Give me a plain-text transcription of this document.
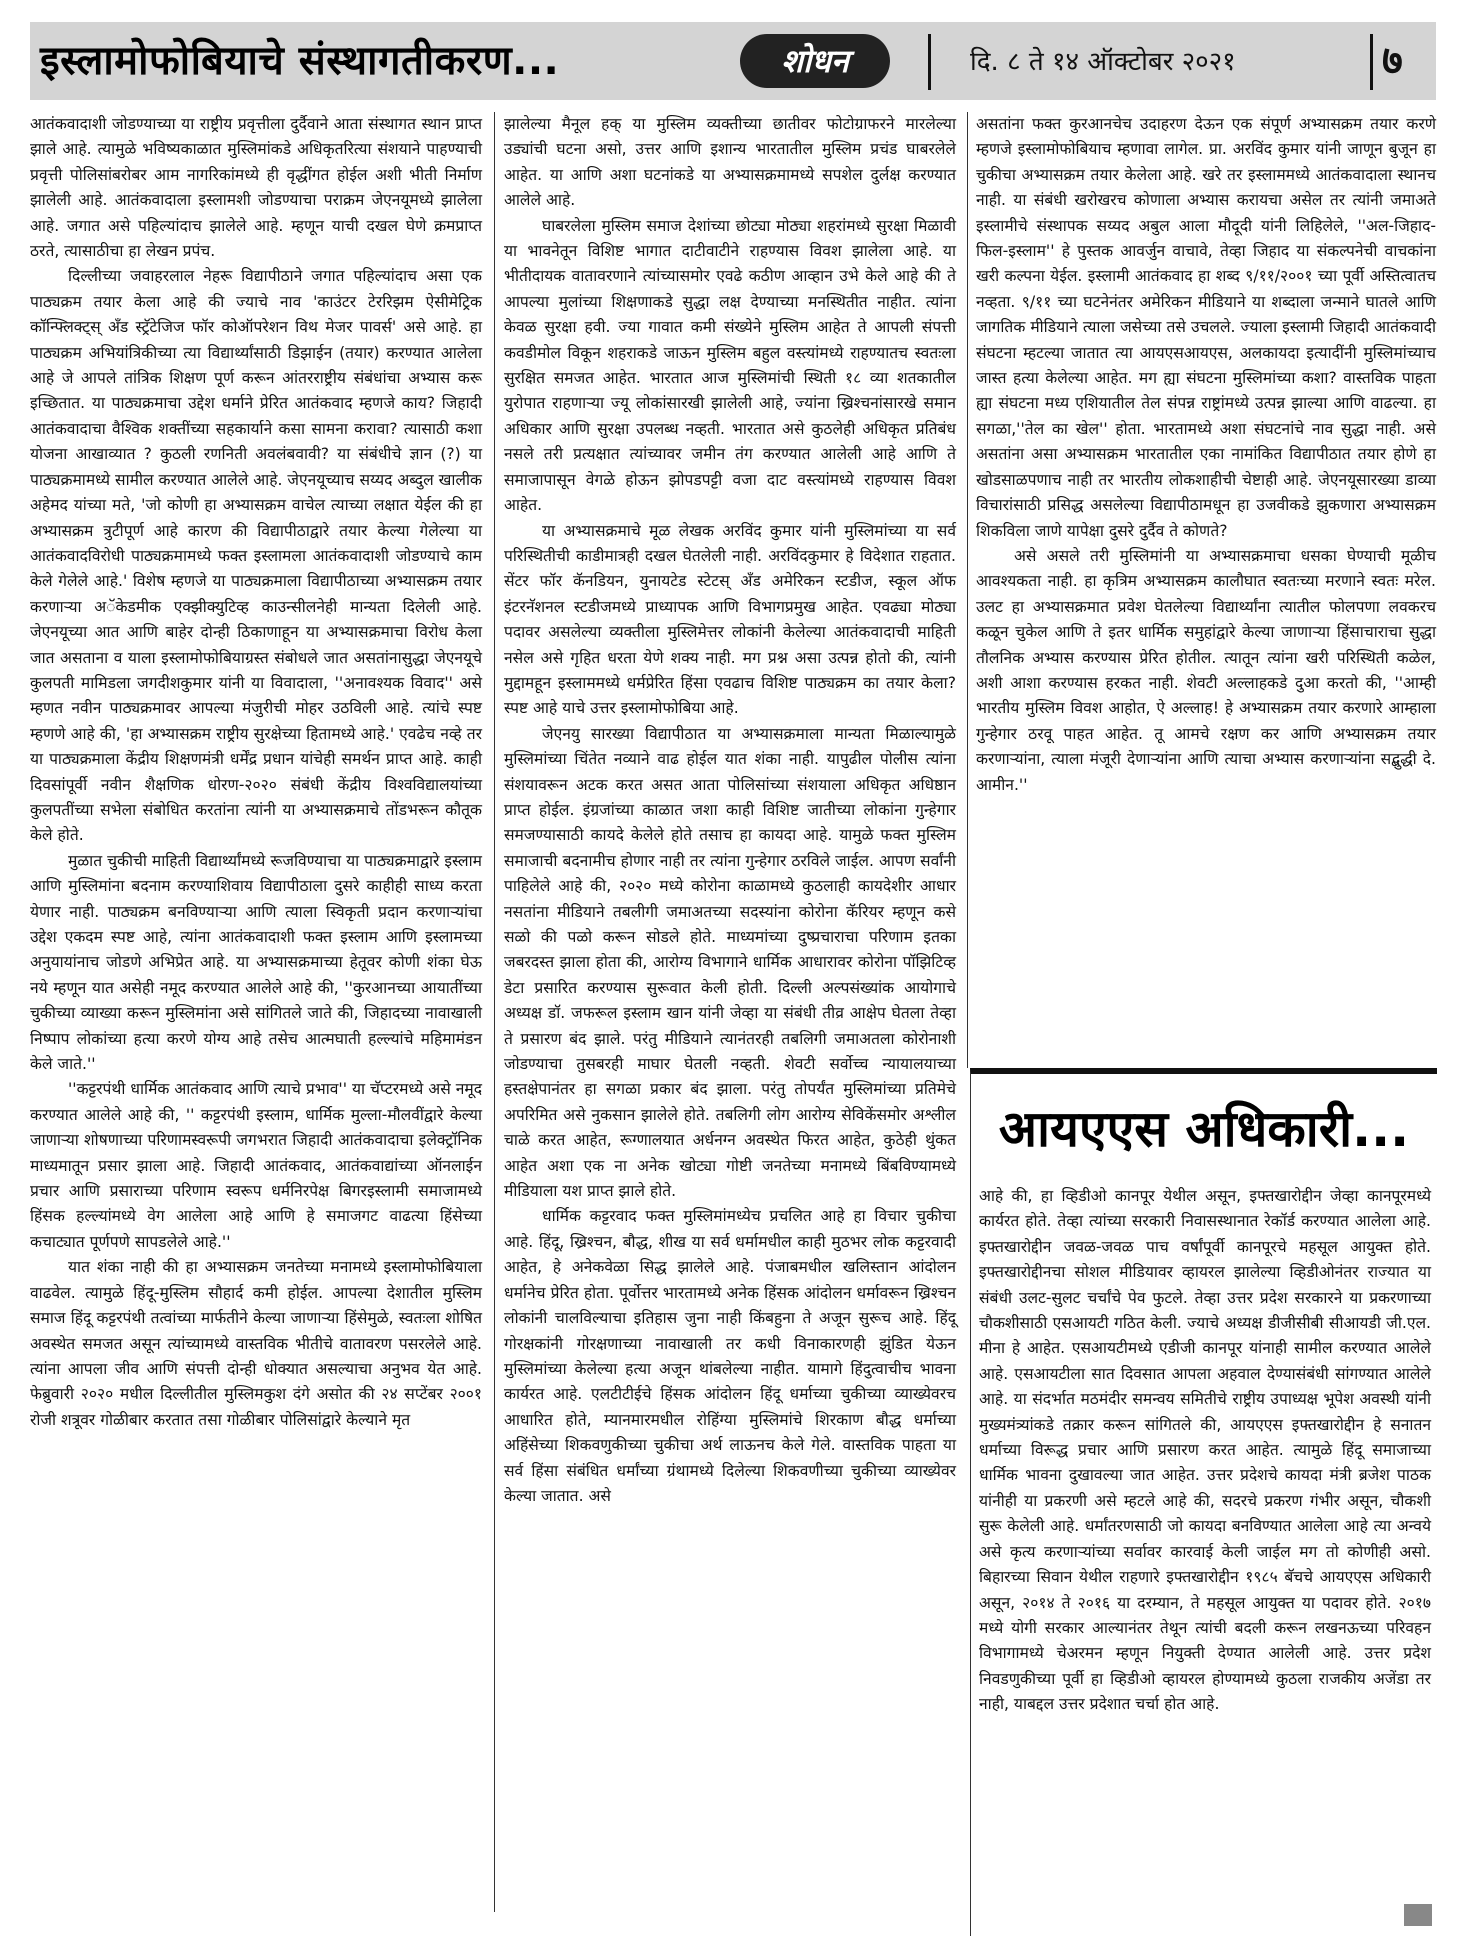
इस्लामोफोबियाचे संस्थागतीकरण...	शोधन	दि. ८ ते १४ ऑक्टोबर २०२१	७

आतंकवादाशी जोडण्याच्या या राष्ट्रीय प्रवृत्तीला दुर्दैवाने आता संस्थागत स्थान प्राप्त झाले आहे. त्यामुळे भविष्यकाळात मुस्लिमांकडे अधिकृतरित्या संशयाने पाहण्याची प्रवृत्ती पोलिसांबरोबर आम नागरिकांमध्ये ही वृद्धींगत होईल अशी भीती निर्माण झालेली आहे. आतंकवादाला इस्लामशी जोडण्याचा पराक्रम जेएनयूमध्ये झालेला आहे. जगात असे पहिल्यांदाच झालेले आहे. म्हणून याची दखल घेणे क्रमप्राप्त ठरते, त्यासाठीचा हा लेखन प्रपंच.

दिल्लीच्या जवाहरलाल नेहरू विद्यापीठाने जगात पहिल्यांदाच असा एक पाठ्यक्रम तयार केला आहे की ज्याचे नाव 'काउंटर टेररिझम ऐसीमेट्रिक कॉन्फ्लिक्ट्स् अँड स्ट्रॅटेजिज फॉर कोऑपरेशन विथ मेजर पावर्स' असे आहे. हा पाठ्यक्रम अभियांत्रिकीच्या त्या विद्यार्थ्यांसाठी डिझाईन (तयार) करण्यात आलेला आहे जे आपले तांत्रिक शिक्षण पूर्ण करून आंतरराष्ट्रीय संबंधांचा अभ्यास करू इच्छितात. या पाठ्यक्रमाचा उद्देश धर्माने प्रेरित आतंकवाद म्हणजे काय? जिहादी आतंकवादाचा वैश्विक शक्तींच्या सहकार्याने कसा सामना करावा? त्यासाठी कशा योजना आखाव्यात ? कुठली रणनिती अवलंबवावी? या संबंधीचे ज्ञान (?) या पाठ्यक्रमामध्ये सामील करण्यात आलेले आहे. जेएनयूच्याच सय्यद अब्दुल खालीक अहेमद यांच्या मते, 'जो कोणी हा अभ्यासक्रम वाचेल त्याच्या लक्षात येईल की हा अभ्यासक्रम त्रुटीपूर्ण आहे कारण की विद्यापीठाद्वारे तयार केल्या गेलेल्या या आतंकवादविरोधी पाठ्यक्रमामध्ये फक्त इस्लामला आतंकवादाशी जोडण्याचे काम केले गेलेले आहे.' विशेष म्हणजे या पाठ्यक्रमाला विद्यापीठाच्या अभ्यासक्रम तयार करणाऱ्या अॅकेडमीक एक्झीक्युटिव्ह काउन्सीलनेही मान्यता दिलेली आहे. जेएनयूच्या आत आणि बाहेर दोन्ही ठिकाणाहून या अभ्यासक्रमाचा विरोध केला जात असताना व याला इस्लामोफोबियाग्रस्त संबोधले जात असतांनासुद्धा जेएनयूचे कुलपती मामिडला जगदीशकुमार यांनी या विवादाला, ''अनावश्यक विवाद'' असे म्हणत नवीन पाठ्यक्रमावर आपल्या मंजुरीची मोहर उठविली आहे. त्यांचे स्पष्ट म्हणणे आहे की, 'हा अभ्यासक्रम राष्ट्रीय सुरक्षेच्या हितामध्ये आहे.' एवढेच नव्हे तर या पाठ्यक्रमाला केंद्रीय शिक्षणमंत्री धर्मेंद्र प्रधान यांचेही समर्थन प्राप्त आहे. काही दिवसांपूर्वी नवीन शैक्षणिक धोरण-२०२० संबंधी केंद्रीय विश्वविद्यालयांच्या कुलपतींच्या सभेला संबोधित करतांना त्यांनी या अभ्यासक्रमाचे तोंडभरून कौतूक केले होते.

मुळात चुकीची माहिती विद्यार्थ्यांमध्ये रूजविण्याचा या पाठ्यक्रमाद्वारे इस्लाम आणि मुस्लिमांना बदनाम करण्याशिवाय विद्यापीठाला दुसरे काहीही साध्य करता येणार नाही. पाठ्यक्रम बनविण्याऱ्या आणि त्याला स्विकृती प्रदान करणाऱ्यांचा उद्देश एकदम स्पष्ट आहे, त्यांना आतंकवादाशी फक्त इस्लाम आणि इस्लामच्या अनुयायांनाच जोडणे अभिप्रेत आहे. या अभ्यासक्रमाच्या हेतूवर कोणी शंका घेऊ नये म्हणून यात असेही नमूद करण्यात आलेले आहे की, ''कुरआनच्या आयातींच्या चुकीच्या व्याख्या करून मुस्लिमांना असे सांगितले जाते की, जिहादच्या नावाखाली निष्पाप लोकांच्या हत्या करणे योग्य आहे तसेच आत्मघाती हल्ल्यांचे महिमामंडन केले जाते.''

''कट्टरपंथी धार्मिक आतंकवाद आणि त्याचे प्रभाव'' या चॅप्टरमध्ये असे नमूद करण्यात आलेले आहे की, '' कट्टरपंथी इस्लाम, धार्मिक मुल्ला-मौलवींद्वारे केल्या जाणाऱ्या शोषणाच्या परिणामस्वरूपी जगभरात जिहादी आतंकवादाचा इलेक्ट्रॉनिक माध्यमातून प्रसार झाला आहे. जिहादी आतंकवाद, आतंकवाद्यांच्या ऑनलाईन प्रचार आणि प्रसाराच्या परिणाम स्वरूप धर्मनिरपेक्ष बिगरइस्लामी समाजामध्ये हिंसक हल्ल्यांमध्ये वेग आलेला आहे आणि हे समाजगट वाढत्या हिंसेच्या कचाट्यात पूर्णपणे सापडलेले आहे.''

यात शंका नाही की हा अभ्यासक्रम जनतेच्या मनामध्ये इस्लामोफोबियाला वाढवेल. त्यामुळे हिंदू-मुस्लिम सौहार्द कमी होईल. आपल्या देशातील मुस्लिम समाज हिंदू कट्टरपंथी तत्वांच्या मार्फतीने केल्या जाणाऱ्या हिंसेमुळे, स्वतःला शोषित अवस्थेत समजत असून त्यांच्यामध्ये वास्तविक भीतीचे वातावरण पसरलेले आहे. त्यांना आपला जीव आणि संपत्ती दोन्ही धोक्यात असल्याचा अनुभव येत आहे. फेब्रुवारी २०२० मधील दिल्लीतील मुस्लिमकुश दंगे असोत की २४ सप्टेंबर २००१ रोजी शत्रूवर गोळीबार करतात तसा गोळीबार पोलिसांद्वारे केल्याने मृत

झालेल्या मैनूल हक् या मुस्लिम व्यक्तीच्या छातीवर फोटोग्राफरने मारलेल्या उड्यांची घटना असो, उत्तर आणि इशान्य भारतातील मुस्लिम प्रचंड घाबरलेले आहेत. या आणि अशा घटनांकडे या अभ्यासक्रमामध्ये सपशेल दुर्लक्ष करण्यात आलेले आहे.

घाबरलेला मुस्लिम समाज देशांच्या छोट्या मोठ्या शहरांमध्ये सुरक्षा मिळावी या भावनेतून विशिष्ट भागात दाटीवाटीने राहण्यास विवश झालेला आहे. या भीतीदायक वातावरणाने त्यांच्यासमोर एवढे कठीण आव्हान उभे केले आहे की ते आपल्या मुलांच्या शिक्षणाकडे सुद्धा लक्ष देण्याच्या मनस्थितीत नाहीत. त्यांना केवळ सुरक्षा हवी. ज्या गावात कमी संख्येने मुस्लिम आहेत ते आपली संपत्ती कवडीमोल विकून शहराकडे जाऊन मुस्लिम बहुल वस्त्यांमध्ये राहण्यातच स्वतःला सुरक्षित समजत आहेत. भारतात आज मुस्लिमांची स्थिती १८ व्या शतकातील युरोपात राहणाऱ्या ज्यू लोकांसारखी झालेली आहे, ज्यांना ख्रिश्चनांसारखे समान अधिकार आणि सुरक्षा उपलब्ध नव्हती. भारतात असे कुठलेही अधिकृत प्रतिबंध नसले तरी प्रत्यक्षात त्यांच्यावर जमीन तंग करण्यात आलेली आहे आणि ते समाजापासून वेगळे होऊन झोपडपट्टी वजा दाट वस्त्यांमध्ये राहण्यास विवश आहेत.

या अभ्यासक्रमाचे मूळ लेखक अरविंद कुमार यांनी मुस्लिमांच्या या सर्व परिस्थितीची काडीमात्रही दखल घेतलेली नाही. अरविंदकुमार हे विदेशात राहतात. सेंटर फॉर कॅनडियन, युनायटेड स्टेटस् अँड अमेरिकन स्टडीज, स्कूल ऑफ इंटरनॅशनल स्टडीजमध्ये प्राध्यापक आणि विभागप्रमुख आहेत. एवढ्या मोठ्या पदावर असलेल्या व्यक्तीला मुस्लिमेत्तर लोकांनी केलेल्या आतंकवादाची माहिती नसेल असे गृहित धरता येणे शक्य नाही. मग प्रश्न असा उत्पन्न होतो की, त्यांनी मुद्दामहून इस्लाममध्ये धर्मप्रेरित हिंसा एवढाच विशिष्ट पाठ्यक्रम का तयार केला? स्पष्ट आहे याचे उत्तर इस्लामोफोबिया आहे.

जेएनयु सारख्या विद्यापीठात या अभ्यासक्रमाला मान्यता मिळाल्यामुळे मुस्लिमांच्या चिंतेत नव्याने वाढ होईल यात शंका नाही. यापुढील पोलीस त्यांना संशयावरून अटक करत असत आता पोलिसांच्या संशयाला अधिकृत अधिष्ठान प्राप्त होईल. इंग्रजांच्या काळात जशा काही विशिष्ट जातीच्या लोकांना गुन्हेगार समजण्यासाठी कायदे केलेले होते तसाच हा कायदा आहे. यामुळे फक्त मुस्लिम समाजाची बदनामीच होणार नाही तर त्यांना गुन्हेगार ठरविले जाईल. आपण सर्वांनी पाहिलेले आहे की, २०२० मध्ये कोरोना काळामध्ये कुठलाही कायदेशीर आधार नसतांना मीडियाने तबलीगी जमाअतच्या सदस्यांना कोरोना कॅरियर म्हणून कसे सळो की पळो करून सोडले होते. माध्यमांच्या दुष्प्रचाराचा परिणाम इतका जबरदस्त झाला होता की, आरोग्य विभागाने धार्मिक आधारावर कोरोना पॉझिटिव्ह डेटा प्रसारित करण्यास सुरूवात केली होती. दिल्ली अल्पसंख्यांक आयोगाचे अध्यक्ष डॉ. जफरूल इस्लाम खान यांनी जेव्हा या संबंधी तीव्र आक्षेप घेतला तेव्हा ते प्रसारण बंद झाले. परंतु मीडियाने त्यानंतरही तबलिगी जमाअतला कोरोनाशी जोडण्याचा तुसबरही माघार घेतली नव्हती. शेवटी सर्वोच्च न्यायालयाच्या हस्तक्षेपानंतर हा सगळा प्रकार बंद झाला. परंतु तोपर्यंत मुस्लिमांच्या प्रतिमेचे अपरिमित असे नुकसान झालेले होते. तबलिगी लोग आरोग्य सेविकेंसमोर अश्लील चाळे करत आहेत, रूग्णालयात अर्धनग्न अवस्थेत फिरत आहेत, कुठेही थुंकत आहेत अशा एक ना अनेक खोट्या गोष्टी जनतेच्या मनामध्ये बिंबविण्यामध्ये मीडियाला यश प्राप्त झाले होते.

धार्मिक कट्टरवाद फक्त मुस्लिमांमध्येच प्रचलित आहे हा विचार चुकीचा आहे. हिंदू, ख्रिश्चन, बौद्ध, शीख या सर्व धर्मामधील काही मुठभर लोक कट्टरवादी आहेत, हे अनेकवेळा सिद्ध झालेले आहे. पंजाबमधील खलिस्तान आंदोलन धर्मानेच प्रेरित होता. पूर्वोत्तर भारतामध्ये अनेक हिंसक आंदोलन धर्मावरून ख्रिश्चन लोकांनी चालविल्याचा इतिहास जुना नाही किंबहुना ते अजून सुरूच आहे. हिंदू गोरक्षकांनी गोरक्षणाच्या नावाखाली तर कधी विनाकारणही झुंडित येऊन मुस्लिमांच्या केलेल्या हत्या अजून थांबलेल्या नाहीत. यामागे हिंदुत्वाचीच भावना कार्यरत आहे. एलटीटीईचे हिंसक आंदोलन हिंदू धर्माच्या चुकीच्या व्याख्येवरच आधारित होते, म्यानमारमधील रोहिंग्या मुस्लिमांचे शिरकाण बौद्ध धर्माच्या अहिंसेच्या शिकवणुकीच्या चुकीचा अर्थ लाऊनच केले गेले. वास्तविक पाहता या सर्व हिंसा संबंधित धर्मांच्या ग्रंथामध्ये दिलेल्या शिकवणीच्या चुकीच्या व्याख्येवर केल्या जातात. असे

असतांना फक्त कुरआनचेच उदाहरण देऊन एक संपूर्ण अभ्यासक्रम तयार करणे म्हणजे इस्लामोफोबियाच म्हणावा लागेल. प्रा. अरविंद कुमार यांनी जाणून बुजून हा चुकीचा अभ्यासक्रम तयार केलेला आहे. खरे तर इस्लाममध्ये आतंकवादाला स्थानच नाही. या संबंधी खरोखरच कोणाला अभ्यास करायचा असेल तर त्यांनी जमाअते इस्लामीचे संस्थापक सय्यद अबुल आला मौदूदी यांनी लिहिलेले, ''अल-जिहाद-फिल-इस्लाम'' हे पुस्तक आवर्जुन वाचावे, तेव्हा जिहाद या संकल्पनेची वाचकांना खरी कल्पना येईल. इस्लामी आतंकवाद हा शब्द ९/११/२००१ च्या पूर्वी अस्तित्वातच नव्हता. ९/११ च्या घटनेनंतर अमेरिकन मीडियाने या शब्दाला जन्माने घातले आणि जागतिक मीडियाने त्याला जसेच्या तसे उचलले. ज्याला इस्लामी जिहादी आतंकवादी संघटना म्हटल्या जातात त्या आयएसआयएस, अलकायदा इत्यादींनी मुस्लिमांच्याच जास्त हत्या केलेल्या आहेत. मग ह्या संघटना मुस्लिमांच्या कशा? वास्तविक पाहता ह्या संघटना मध्य एशियातील तेल संपन्न राष्ट्रांमध्ये उत्पन्न झाल्या आणि वाढल्या. हा सगळा,''तेल का खेल'' होता. भारतामध्ये अशा संघटनांचे नाव सुद्धा नाही. असे असतांना असा अभ्यासक्रम भारतातील एका नामांकित विद्यापीठात तयार होणे हा खोडसाळपणाच नाही तर भारतीय लोकशाहीची चेष्टाही आहे. जेएनयूसारख्या डाव्या विचारांसाठी प्रसिद्ध असलेल्या विद्यापीठामधून हा उजवीकडे झुकणारा अभ्यासक्रम शिकविला जाणे यापेक्षा दुसरे दुर्दैव ते कोणते?

असे असले तरी मुस्लिमांनी या अभ्यासक्रमाचा धसका घेण्याची मूळीच आवश्यकता नाही. हा कृत्रिम अभ्यासक्रम कालौघात स्वतःच्या मरणाने स्वतः मरेल. उलट हा अभ्यासक्रमात प्रवेश घेतलेल्या विद्यार्थ्यांना त्यातील फोलपणा लवकरच कळून चुकेल आणि ते इतर धार्मिक समुहांद्वारे केल्या जाणाऱ्या हिंसाचाराचा सुद्धा तौलनिक अभ्यास करण्यास प्रेरित होतील. त्यातून त्यांना खरी परिस्थिती कळेल, अशी आशा करण्यास हरकत नाही. शेवटी अल्लाहकडे दुआ करतो की, ''आम्ही भारतीय मुस्लिम विवश आहोत, ऐ अल्लाह! हे अभ्यासक्रम तयार करणारे आम्हाला गुन्हेगार ठरवू पाहत आहेत. तू आमचे रक्षण कर आणि अभ्यासक्रम तयार करणाऱ्यांना, त्याला मंजूरी देणाऱ्यांना आणि त्याचा अभ्यास करणाऱ्यांना सद्बुद्धी दे. आमीन.''

आयएएस अधिकारी...

आहे की, हा व्हिडीओ कानपूर येथील असून, इफ्तखारोद्दीन जेव्हा कानपूरमध्ये कार्यरत होते. तेव्हा त्यांच्या सरकारी निवासस्थानात रेकॉर्ड करण्यात आलेला आहे. इफ्तखारोद्दीन जवळ-जवळ पाच वर्षांपूर्वी कानपूरचे महसूल आयुक्त होते. इफ्तखारोद्दीनचा सोशल मीडियावर व्हायरल झालेल्या व्हिडीओनंतर राज्यात या संबंधी उलट-सुलट चर्चांचे पेव फुटले. तेव्हा उत्तर प्रदेश सरकारने या प्रकरणाच्या चौकशीसाठी एसआयटी गठित केली. ज्याचे अध्यक्ष डीजीसीबी सीआयडी जी.एल. मीना हे आहेत. एसआयटीमध्ये एडीजी कानपूर यांनाही सामील करण्यात आलेले आहे. एसआयटीला सात दिवसात आपला अहवाल देण्यासंबंधी सांगण्यात आलेले आहे. या संदर्भात मठमंदीर समन्वय समितीचे राष्ट्रीय उपाध्यक्ष भूपेश अवस्थी यांनी मुख्यमंत्र्यांकडे तक्रार करून सांगितले की, आयएएस इफ्तखारोद्दीन हे सनातन धर्माच्या विरूद्ध प्रचार आणि प्रसारण करत आहेत. त्यामुळे हिंदू समाजाच्या धार्मिक भावना दुखावल्या जात आहेत. उत्तर प्रदेशचे कायदा मंत्री ब्रजेश पाठक यांनीही या प्रकरणी असे म्हटले आहे की, सदरचे प्रकरण गंभीर असून, चौकशी सुरू केलेली आहे. धर्मांतरणसाठी जो कायदा बनविण्यात आलेला आहे त्या अन्वये असे कृत्य करणाऱ्यांच्या सर्वावर कारवाई केली जाईल मग तो कोणीही असो. बिहारच्या सिवान येथील राहणारे इफ्तखारोद्दीन १९८५ बॅचचे आयएएस अधिकारी असून, २०१४ ते २०१६ या दरम्यान, ते महसूल आयुक्त या पदावर होते. २०१७ मध्ये योगी सरकार आल्यानंतर तेथून त्यांची बदली करून लखनऊच्या परिवहन विभागामध्ये चेअरमन म्हणून नियुक्ती देण्यात आलेली आहे. उत्तर प्रदेश निवडणुकीच्या पूर्वी हा व्हिडीओ व्हायरल होण्यामध्ये कुठला राजकीय अजेंडा तर नाही, याबद्दल उत्तर प्रदेशात चर्चा होत आहे.
